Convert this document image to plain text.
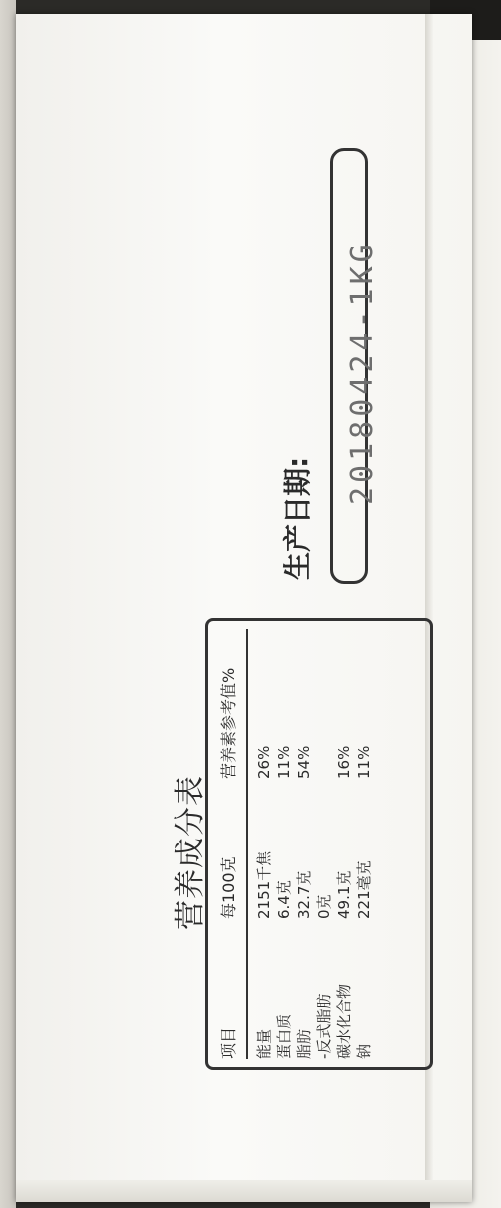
营养成分表
项目
每100克
营养素参考值%
能量
2151千焦
26%
蛋白质
6.4克
11%
脂肪
32.7克
54%
-反式脂肪
0克
碳水化合物
49.1克
16%
钠
221毫克
11%
生产日期:
20180424-1KG
